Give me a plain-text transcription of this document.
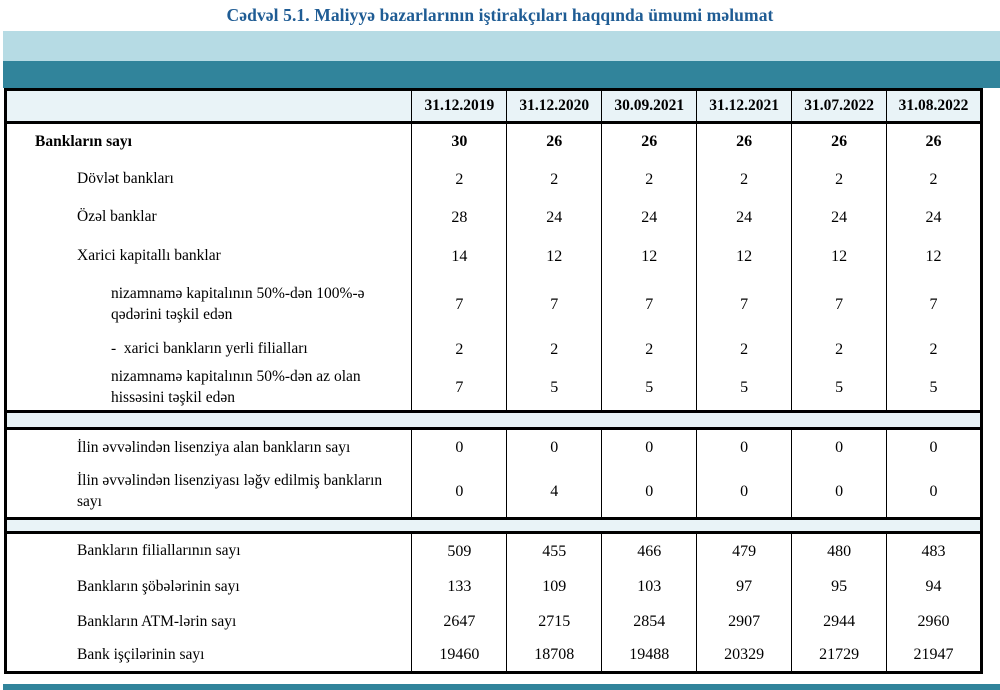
Cədvəl 5.1. Maliyyə bazarlarının iştirakçıları haqqında ümumi məlumat
	31.12.2019	31.12.2020	30.09.2021	31.12.2021	31.07.2022	31.08.2022
Bankların sayı	30	26	26	26	26	26
Dövlət bankları	2	2	2	2	2	2
Özəl banklar	28	24	24	24	24	24
Xarici kapitallı banklar	14	12	12	12	12	12
nizamnamə kapitalının 50%-dən 100%-ə qədərini təşkil edən	7	7	7	7	7	7
-  xarici bankların yerli filialları	2	2	2	2	2	2
nizamnamə kapitalının 50%-dən az olan hissəsini təşkil edən	7	5	5	5	5	5

İlin əvvəlindən lisenziya alan bankların sayı	0	0	0	0	0	0
İlin əvvəlindən lisenziyası ləğv edilmiş bankların sayı	0	4	0	0	0	0

Bankların filiallarının sayı	509	455	466	479	480	483
Bankların şöbələrinin sayı	133	109	103	97	95	94
Bankların ATM-lərin sayı	2647	2715	2854	2907	2944	2960
Bank işçilərinin sayı	19460	18708	19488	20329	21729	21947
